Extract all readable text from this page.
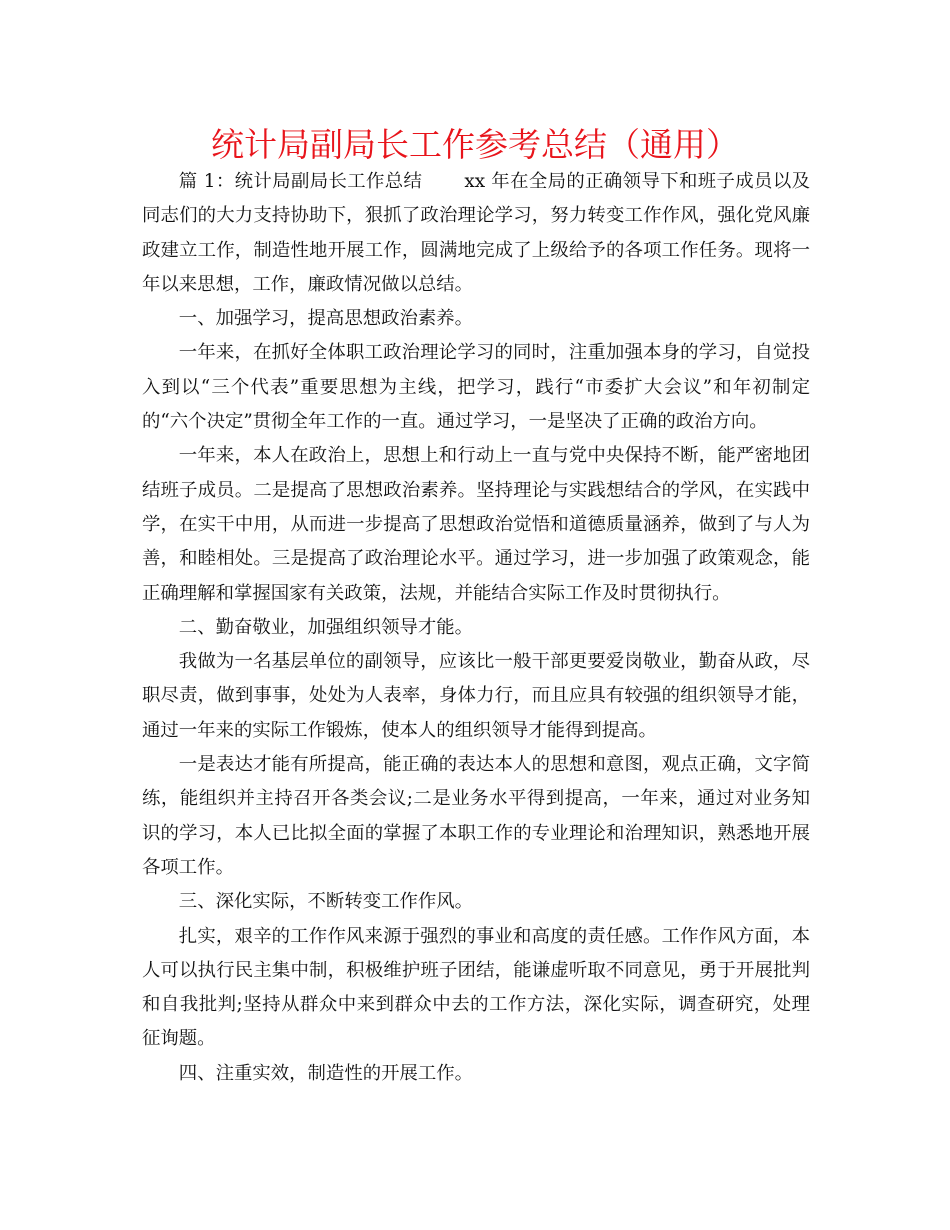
统计局副局长工作参考总结（通用）

篇 1：统计局副局长工作总结 xx 年在全局的正确领导下和班子成员以及同志们的大力支持协助下，狠抓了政治理论学习，努力转变工作作风，强化党风廉政建立工作，制造性地开展工作，圆满地完成了上级给予的各项工作任务。现将一年以来思想，工作，廉政情况做以总结。

一、加强学习，提高思想政治素养。

一年来，在抓好全体职工政治理论学习的同时，注重加强本身的学习，自觉投入到以“三个代表”重要思想为主线，把学习，践行“市委扩大会议”和年初制定的“六个决定”贯彻全年工作的一直。通过学习，一是坚决了正确的政治方向。

一年来，本人在政治上，思想上和行动上一直与党中央保持不断，能严密地团结班子成员。二是提高了思想政治素养。坚持理论与实践想结合的学风，在实践中学，在实干中用，从而进一步提高了思想政治觉悟和道德质量涵养，做到了与人为善，和睦相处。三是提高了政治理论水平。通过学习，进一步加强了政策观念，能正确理解和掌握国家有关政策，法规，并能结合实际工作及时贯彻执行。

二、勤奋敬业，加强组织领导才能。

我做为一名基层单位的副领导，应该比一般干部更要爱岗敬业，勤奋从政，尽职尽责，做到事事，处处为人表率，身体力行，而且应具有较强的组织领导才能，通过一年来的实际工作锻炼，使本人的组织领导才能得到提高。

一是表达才能有所提高，能正确的表达本人的思想和意图，观点正确，文字简练，能组织并主持召开各类会议;二是业务水平得到提高，一年来，通过对业务知识的学习，本人已比拟全面的掌握了本职工作的专业理论和治理知识，熟悉地开展各项工作。

三、深化实际，不断转变工作作风。

扎实，艰辛的工作作风来源于强烈的事业和高度的责任感。工作作风方面，本人可以执行民主集中制，积极维护班子团结，能谦虚听取不同意见，勇于开展批判和自我批判;坚持从群众中来到群众中去的工作方法，深化实际，调查研究，处理征询题。

四、注重实效，制造性的开展工作。
